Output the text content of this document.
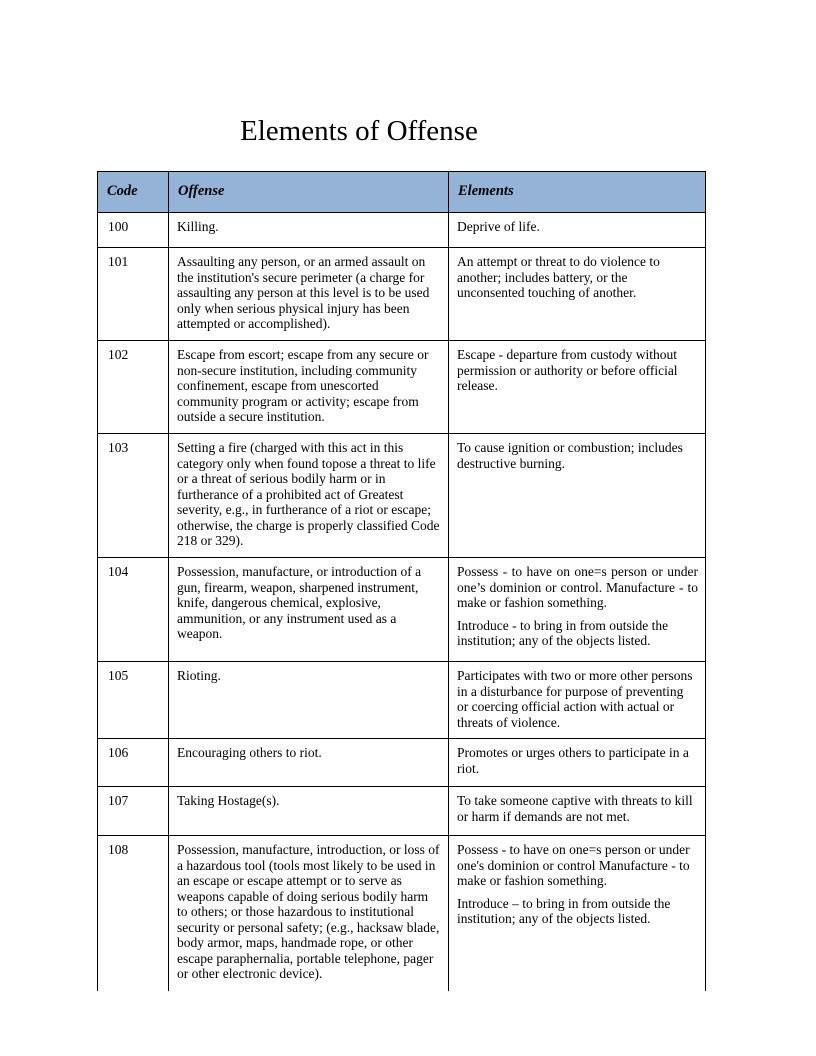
Elements of Offense
Code	Offense	Elements

100	Killing.	Deprive of life.

101	Assaulting any person, or an armed assault on the institution's secure perimeter (a charge for assaulting any person at this level is to be used only when serious physical injury has been attempted or accomplished).	An attempt or threat to do violence to another; includes battery, or the unconsented touching of another.

102	Escape from escort; escape from any secure or non-secure institution, including community confinement, escape from unescorted community program or activity; escape from outside a secure institution.	Escape - departure from custody without permission or authority or before official release.

103	Setting a fire (charged with this act in this category only when found topose a threat to life or a threat of serious bodily harm or in furtherance of a prohibited act of Greatest severity, e.g., in furtherance of a riot or escape; otherwise, the charge is properly classified Code 218 or 329).	To cause ignition or combustion; includes destructive burning.

104	Possession, manufacture, or introduction of a gun, firearm, weapon, sharpened instrument, knife, dangerous chemical, explosive, ammunition, or any instrument used as a weapon.	Possess - to have on one=s person or under one’s dominion or control. Manufacture - to make or fashion something.

Introduce - to bring in from outside the institution; any of the objects listed.

105	Rioting.	Participates with two or more other persons in a disturbance for purpose of preventing or coercing official action with actual or threats of violence.

106	Encouraging others to riot.	Promotes or urges others to participate in a riot.

107	Taking Hostage(s).	To take someone captive with threats to kill or harm if demands are not met.

108	Possession, manufacture, introduction, or loss of a hazardous tool (tools most likely to be used in an escape or escape attempt or to serve as weapons capable of doing serious bodily harm to others; or those hazardous to institutional security or personal safety; (e.g., hacksaw blade, body armor, maps, handmade rope, or other escape paraphernalia, portable telephone, pager or other electronic device).	Possess - to have on one=s person or under one's dominion or control Manufacture - to make or fashion something.

Introduce – to bring in from outside the institution; any of the objects listed.
